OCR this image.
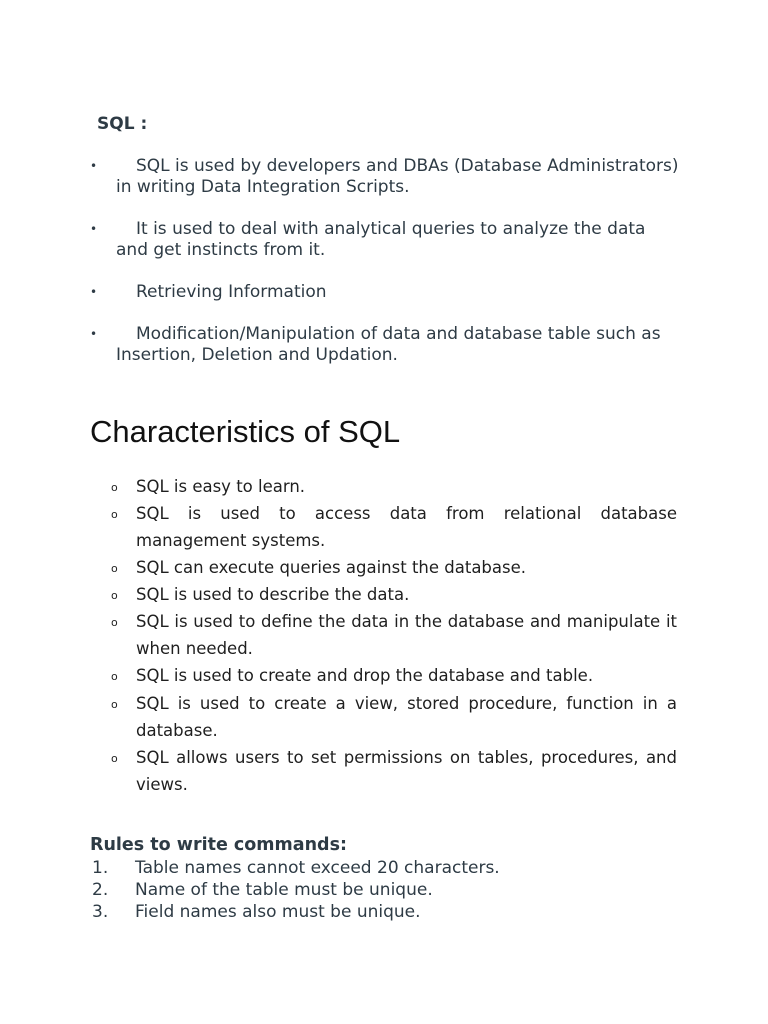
SQL :

•	SQL is used by developers and DBAs (Database Administrators) in writing Data Integration Scripts.
•	It is used to deal with analytical queries to analyze the data and get instincts from it.
•	Retrieving Information
•	Modification/Manipulation of data and database table such as Insertion, Deletion and Updation.
Characteristics of SQL
o SQL is easy to learn.
o SQL is used to access data from relational database management systems.
o SQL can execute queries against the database.
o SQL is used to describe the data.
o SQL is used to define the data in the database and manipulate it when needed.
o SQL is used to create and drop the database and table.
o SQL is used to create a view, stored procedure, function in a database.
o SQL allows users to set permissions on tables, procedures, and views.

Rules to write commands:

1. Table names cannot exceed 20 characters.
2. Name of the table must be unique.
3. Field names also must be unique.
